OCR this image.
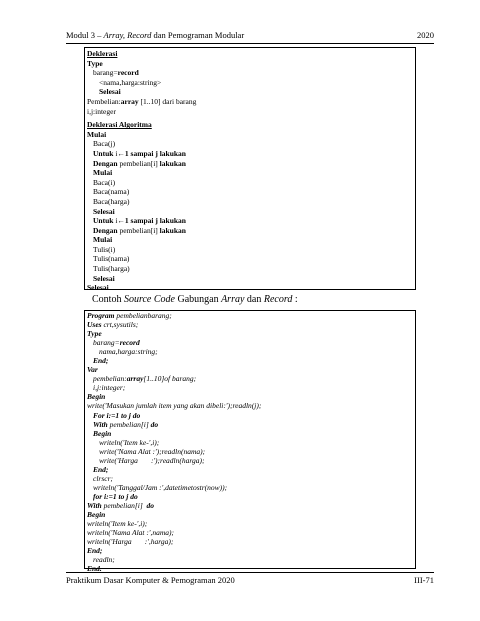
Modul 3 – Array, Record dan Pemograman Modular	2020
Deklerasi
Type
barang=record
<nama,harga:string>
Selesai
Pembelian:array [1..10] dari barang
i,j:integer
Deklerasi Algoritma
Mulai
Baca(j)
Untuk i←1 sampai j lakukan
Dengan pembelian[i] lakukan
Mulai
Baca(i)
Baca(nama)
Baca(harga)
Selesai
Untuk i←1 sampai j lakukan
Dengan pembelian[i] lakukan
Mulai
Tulis(i)
Tulis(nama)
Tulis(harga)
Selesai
Selesai
Contoh Source Code Gabungan Array dan Record :
Program pembelianbarang;
Uses crt,sysutils;
Type
barang=record
nama,harga:string;
End;
Var
pembelian:array[1..10]of barang;
i,j:integer;
Begin
write('Masukan jumlah item yang akan dibeli:');readln(j);
For i:=1 to j do
With pembelian[i] do
Begin
writeln('Item ke-',i);
write('Nama Alat :');readln(nama);
write('Harga       :');readln(harga);
End;
clrscr;
writeln('Tanggal/Jam :',datetimetostr(now));
for i:=1 to j do
With pembelian[i]  do
Begin
writeln('Item ke-',i);
writeln('Nama Alat :',nama);
writeln('Harga       :',harga);
End;
readln;
End.
Praktikum Dasar Komputer & Pemograman 2020	III-71
